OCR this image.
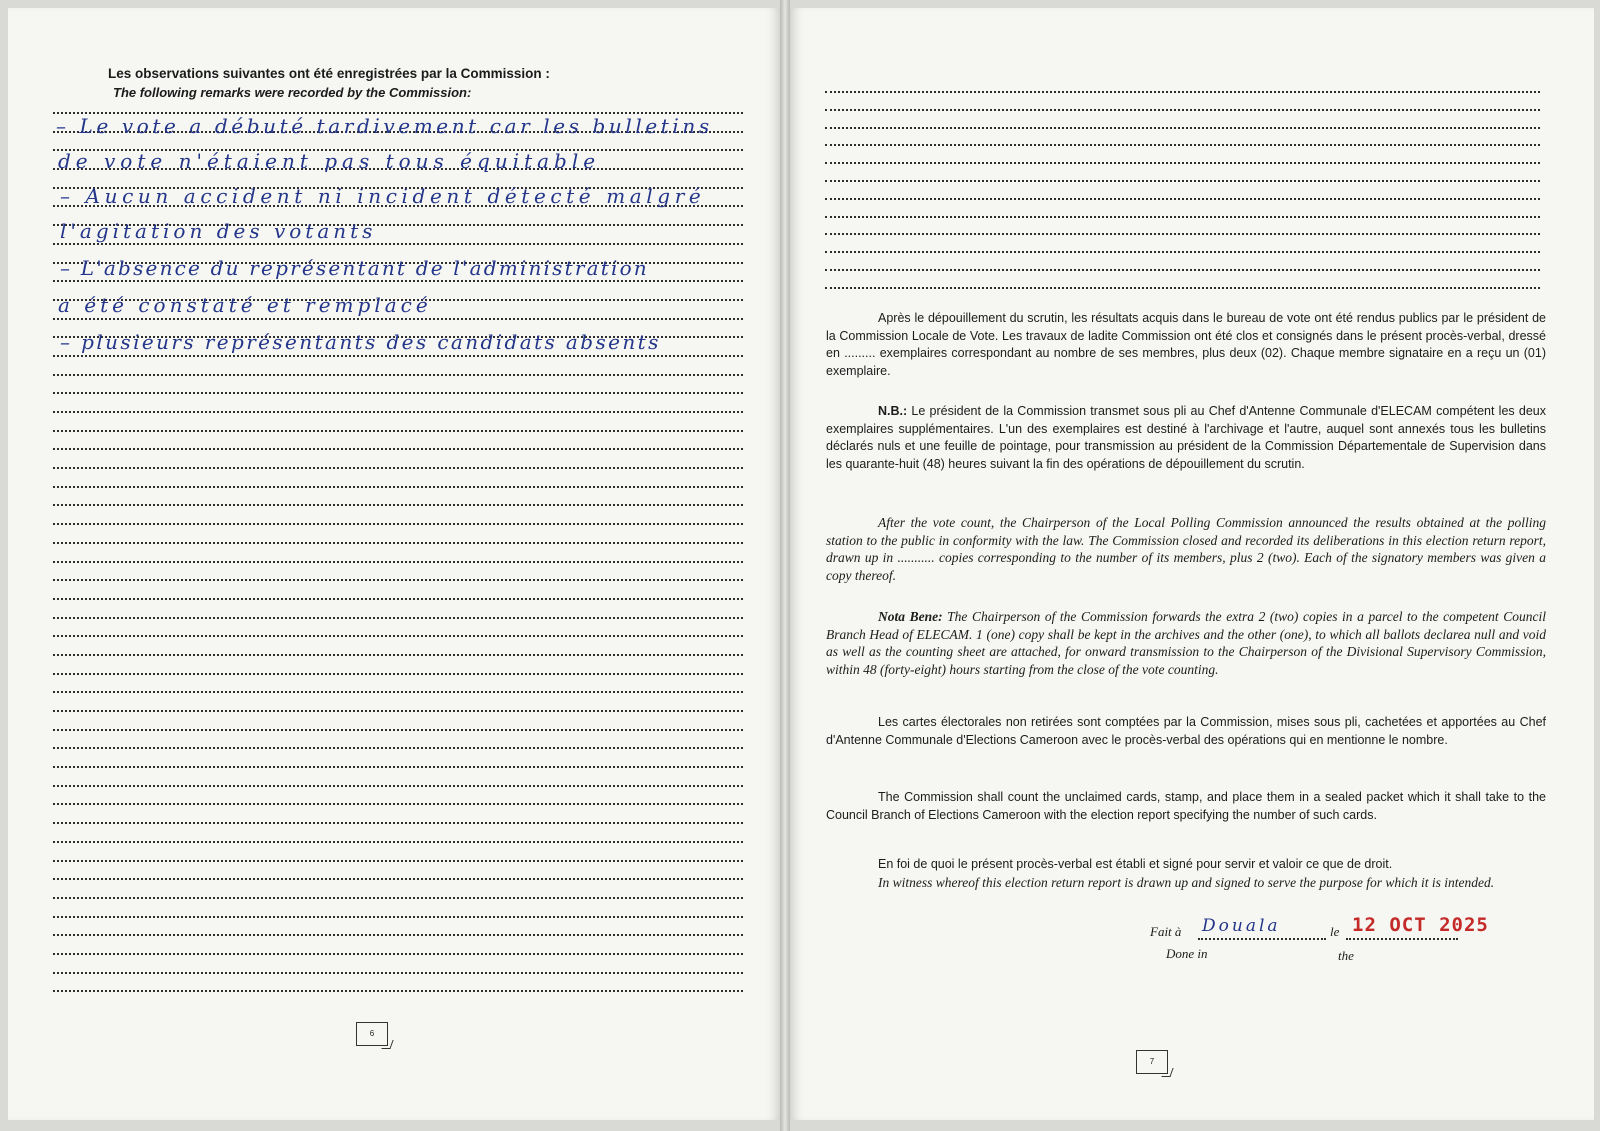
Les observations suivantes ont été enregistrées par la Commission :
The following remarks were recorded by the Commission:
– Le vote a débuté tardivement car les bulletins
de vote n'étaient pas tous équitable
– Aucun accident ni incident détecté malgré
l'agitation des votants
– L'absence du représentant de l'administration
a été constaté et remplacé
– plusieurs représentants des candidats absents
6

Après le dépouillement du scrutin, les résultats acquis dans le bureau de vote ont été rendus publics par le président de la Commission Locale de Vote. Les travaux de ladite Commission ont été clos et consignés dans le présent procès-verbal, dressé en ......... exemplaires correspondant au nombre de ses membres, plus deux (02). Chaque membre signataire en a reçu un (01) exemplaire.

N.B.: Le président de la Commission transmet sous pli au Chef d'Antenne Communale d'ELECAM compétent les deux exemplaires supplémentaires. L'un des exemplaires est destiné à l'archivage et l'autre, auquel sont annexés tous les bulletins déclarés nuls et une feuille de pointage, pour transmission au président de la Commission Départementale de Supervision dans les quarante-huit (48) heures suivant la fin des opérations de dépouillement du scrutin.

After the vote count, the Chairperson of the Local Polling Commission announced the results obtained at the polling station to the public in conformity with the law. The Commission closed and recorded its deliberations in this election return report, drawn up in ........... copies corresponding to the number of its members, plus 2 (two). Each of the signatory members was given a copy thereof.

Nota Bene: The Chairperson of the Commission forwards the extra 2 (two) copies in a parcel to the competent Council Branch Head of ELECAM. 1 (one) copy shall be kept in the archives and the other (one), to which all ballots declarea null and void as well as the counting sheet are attached, for onward transmission to the Chairperson of the Divisional Supervisory Commission, within 48 (forty-eight) hours starting from the close of the vote counting.

Les cartes électorales non retirées sont comptées par la Commission, mises sous pli, cachetées et apportées au Chef d'Antenne Communale d'Elections Cameroon avec le procès-verbal des opérations qui en mentionne le nombre.

The Commission shall count the unclaimed cards, stamp, and place them in a sealed packet which it shall take to the Council Branch of Elections Cameroon with the election report specifying the number of such cards.

En foi de quoi le présent procès-verbal est établi et signé pour servir et valoir ce que de droit.

In witness whereof this election return report is drawn up and signed to serve the purpose for which it is intended.

Fait à Douala	le 12 OCT 2025
Done in	the
7
